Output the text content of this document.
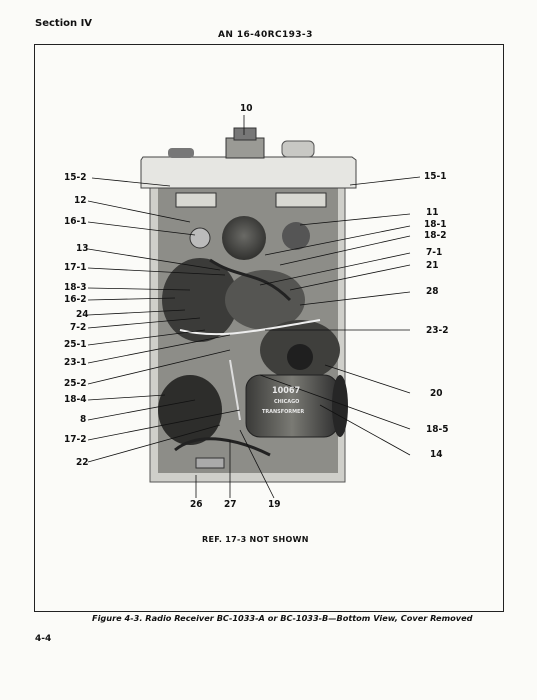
Section IV
AN 16-40RC193-3
10
15-2	15-1
12
11
16-1	18-1
18-2
13	7-1
17-1	21
18-3	28
16-2
24
7-2	23-2
25-1
23-1
25-2
20
18-4
8
18-5
17-2
14
22
26 27	19
10067
CHICAGO
TRANSFORMER
REF. 17-3 NOT SHOWN
Figure 4-3. Radio Receiver BC-1033-A or BC-1033-B—Bottom View, Cover Removed
4-4
